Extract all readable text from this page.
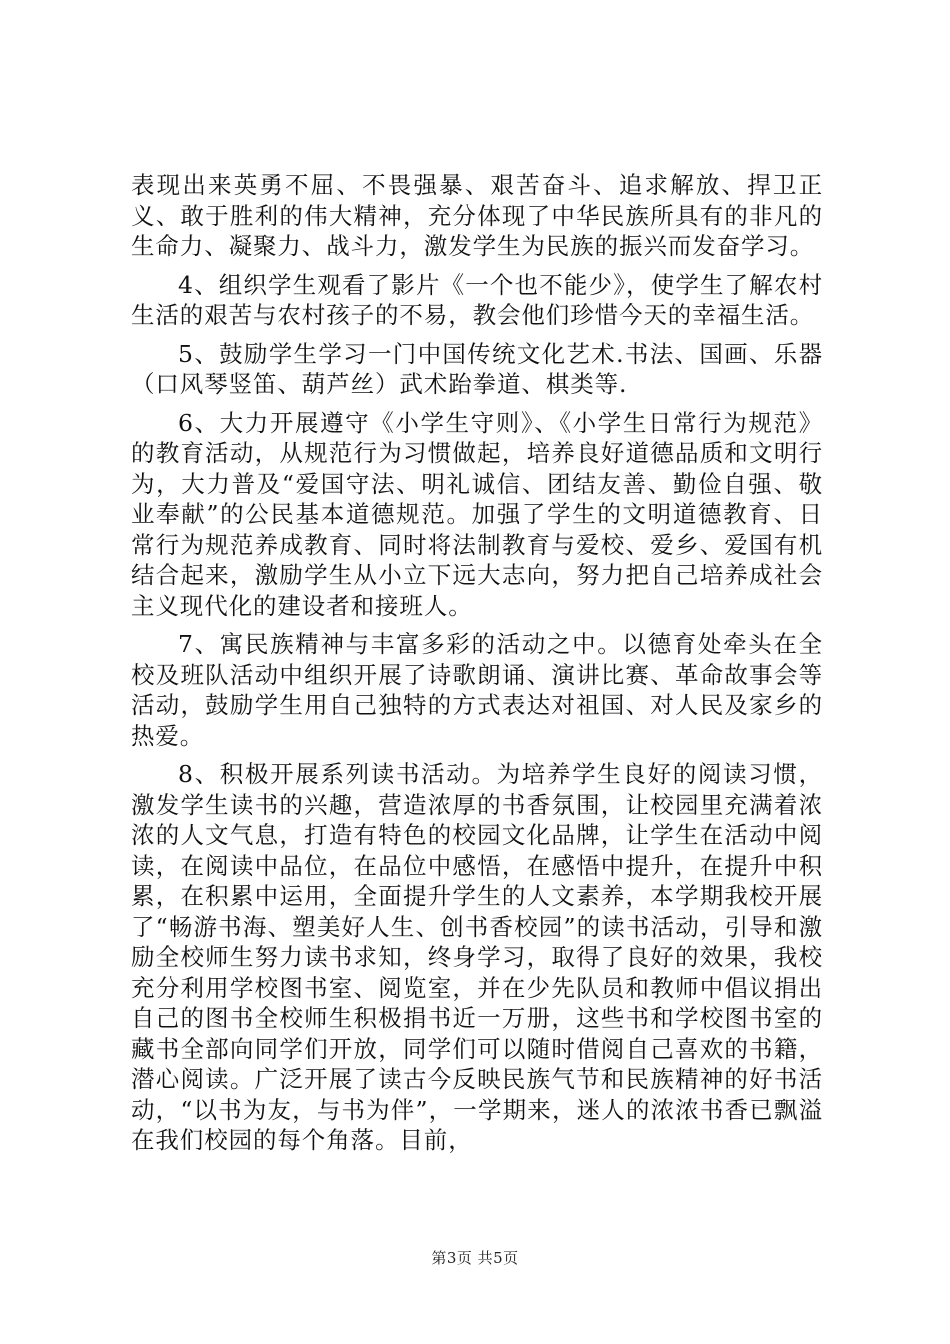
表现出来英勇不屈、不畏强暴、艰苦奋斗、追求解放、捍卫正义、敢于胜利的伟大精神，充分体现了中华民族所具有的非凡的生命力、凝聚力、战斗力，激发学生为民族的振兴而发奋学习。

4、组织学生观看了影片《一个也不能少》，使学生了解农村生活的艰苦与农村孩子的不易，教会他们珍惜今天的幸福生活。

5、鼓励学生学习一门中国传统文化艺术.书法、国画、乐器（口风琴竖笛、葫芦丝）武术跆拳道、棋类等.

6、大力开展遵守《小学生守则》、《小学生日常行为规范》的教育活动，从规范行为习惯做起，培养良好道德品质和文明行为，大力普及“爱国守法、明礼诚信、团结友善、勤俭自强、敬业奉献”的公民基本道德规范。加强了学生的文明道德教育、日常行为规范养成教育、同时将法制教育与爱校、爱乡、爱国有机结合起来，激励学生从小立下远大志向，努力把自己培养成社会主义现代化的建设者和接班人。

7、寓民族精神与丰富多彩的活动之中。以德育处牵头在全校及班队活动中组织开展了诗歌朗诵、演讲比赛、革命故事会等活动，鼓励学生用自己独特的方式表达对祖国、对人民及家乡的热爱。

8、积极开展系列读书活动。为培养学生良好的阅读习惯，激发学生读书的兴趣，营造浓厚的书香氛围，让校园里充满着浓浓的人文气息，打造有特色的校园文化品牌，让学生在活动中阅读，在阅读中品位，在品位中感悟，在感悟中提升，在提升中积累，在积累中运用，全面提升学生的人文素养，本学期我校开展了“畅游书海、塑美好人生、创书香校园”的读书活动，引导和激励全校师生努力读书求知，终身学习，取得了良好的效果，我校充分利用学校图书室、阅览室，并在少先队员和教师中倡议捐出自己的图书全校师生积极捐书近一万册，这些书和学校图书室的藏书全部向同学们开放，同学们可以随时借阅自己喜欢的书籍，潜心阅读。广泛开展了读古今反映民族气节和民族精神的好书活动，“以书为友，与书为伴”，一学期来，迷人的浓浓书香已飘溢在我们校园的每个角落。目前，

第3页 共5页
